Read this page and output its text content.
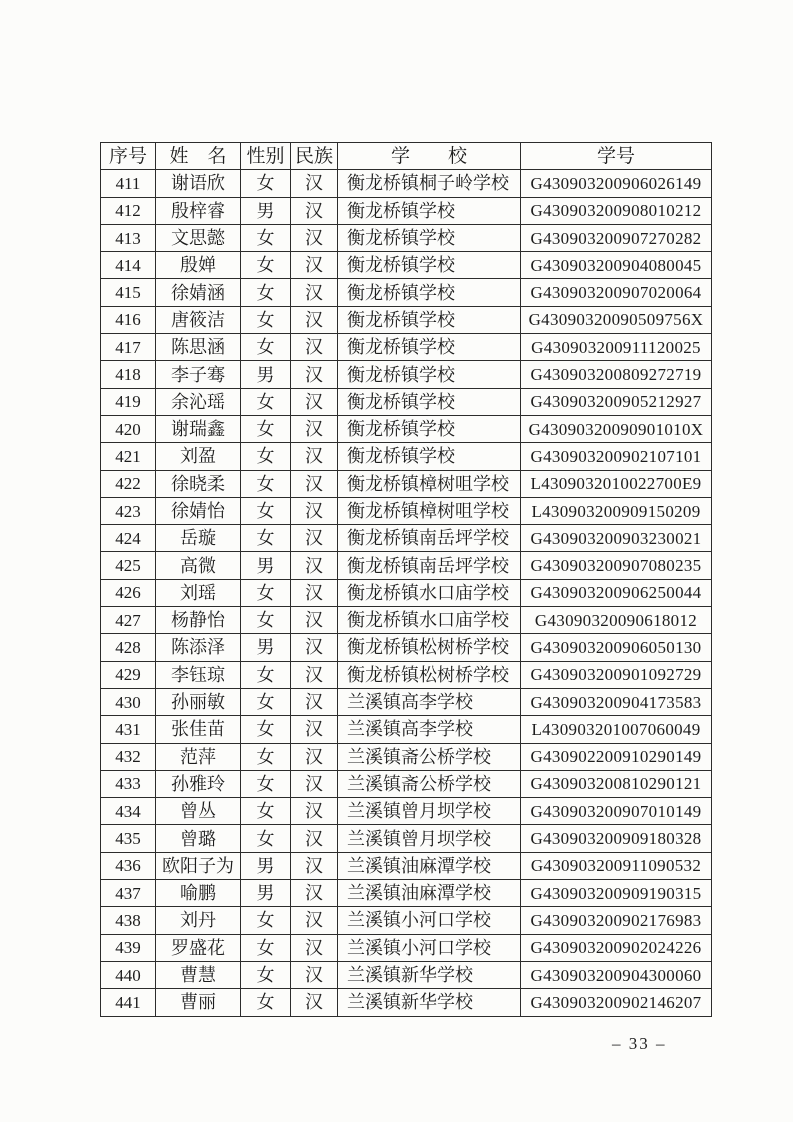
序号	姓　名	性别	民族	学　　校	学号
411	谢语欣	女	汉	衡龙桥镇桐子岭学校	G430903200906026149
412	殷梓睿	男	汉	衡龙桥镇学校	G430903200908010212
413	文思懿	女	汉	衡龙桥镇学校	G430903200907270282
414	殷婵	女	汉	衡龙桥镇学校	G430903200904080045
415	徐婧涵	女	汉	衡龙桥镇学校	G430903200907020064
416	唐筱洁	女	汉	衡龙桥镇学校	G43090320090509756X
417	陈思涵	女	汉	衡龙桥镇学校	G430903200911120025
418	李子骞	男	汉	衡龙桥镇学校	G430903200809272719
419	余沁瑶	女	汉	衡龙桥镇学校	G430903200905212927
420	谢瑞鑫	女	汉	衡龙桥镇学校	G43090320090901010X
421	刘盈	女	汉	衡龙桥镇学校	G430903200902107101
422	徐晓柔	女	汉	衡龙桥镇樟树咀学校	L4309032010022700E9
423	徐婧怡	女	汉	衡龙桥镇樟树咀学校	L430903200909150209
424	岳璇	女	汉	衡龙桥镇南岳坪学校	G430903200903230021
425	高微	男	汉	衡龙桥镇南岳坪学校	G430903200907080235
426	刘瑶	女	汉	衡龙桥镇水口庙学校	G430903200906250044
427	杨静怡	女	汉	衡龙桥镇水口庙学校	G43090320090618012
428	陈添泽	男	汉	衡龙桥镇松树桥学校	G430903200906050130
429	李钰琼	女	汉	衡龙桥镇松树桥学校	G430903200901092729
430	孙丽敏	女	汉	兰溪镇高李学校	G430903200904173583
431	张佳苗	女	汉	兰溪镇高李学校	L430903201007060049
432	范萍	女	汉	兰溪镇斋公桥学校	G430902200910290149
433	孙雅玲	女	汉	兰溪镇斋公桥学校	G430903200810290121
434	曾丛	女	汉	兰溪镇曾月坝学校	G430903200907010149
435	曾璐	女	汉	兰溪镇曾月坝学校	G430903200909180328
436	欧阳子为	男	汉	兰溪镇油麻潭学校	G430903200911090532
437	喻鹏	男	汉	兰溪镇油麻潭学校	G430903200909190315
438	刘丹	女	汉	兰溪镇小河口学校	G430903200902176983
439	罗盛花	女	汉	兰溪镇小河口学校	G430903200902024226
440	曹慧	女	汉	兰溪镇新华学校	G430903200904300060
441	曹丽	女	汉	兰溪镇新华学校	G430903200902146207
– 33 –
